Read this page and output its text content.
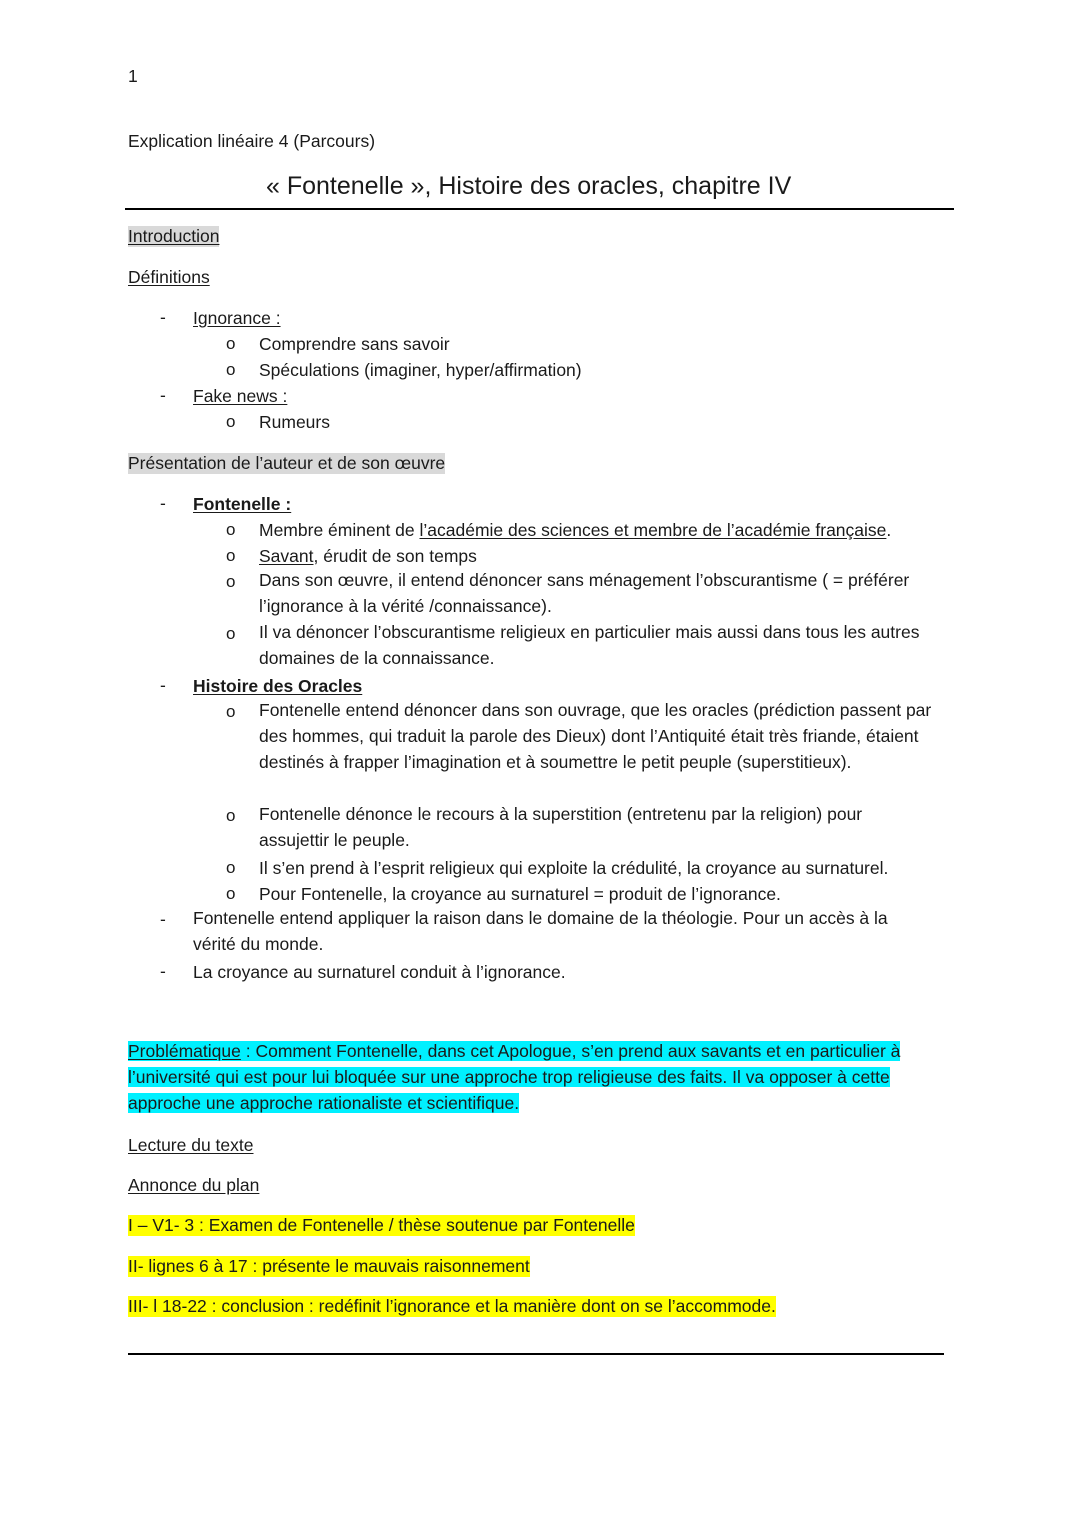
1
Explication linéaire 4 (Parcours)
« Fontenelle », Histoire des oracles, chapitre IV
Introduction
Définitions
- Ignorance :
o Comprendre sans savoir
o Spéculations (imaginer, hyper/affirmation)
- Fake news :
o Rumeurs
Présentation de l’auteur et de son œuvre
- Fontenelle :
o Membre éminent de l’académie des sciences et membre de l’académie française.
o Savant, érudit de son temps
o Dans son œuvre, il entend dénoncer sans ménagement l’obscurantisme ( = préférer l’ignorance à la vérité /connaissance).
o Il va dénoncer l’obscurantisme religieux en particulier mais aussi dans tous les autres domaines de la connaissance.
- Histoire des Oracles
o Fontenelle entend dénoncer dans son ouvrage, que les oracles (prédiction passent par des hommes, qui traduit la parole des Dieux) dont l’Antiquité était très friande, étaient destinés à frapper l’imagination et à soumettre le petit peuple (superstitieux).
o Fontenelle dénonce le recours à la superstition (entretenu par la religion) pour assujettir le peuple.
o Il s’en prend à l’esprit religieux qui exploite la crédulité, la croyance au surnaturel.
o Pour Fontenelle, la croyance au surnaturel = produit de l’ignorance.
- Fontenelle entend appliquer la raison dans le domaine de la théologie. Pour un accès à la vérité du monde.
- La croyance au surnaturel conduit à l’ignorance.
Problématique : Comment Fontenelle, dans cet Apologue, s’en prend aux savants et en particulier à l’université qui est pour lui bloquée sur une approche trop religieuse des faits. Il va opposer à cette approche une approche rationaliste et scientifique.
Lecture du texte
Annonce du plan
I – V1- 3 : Examen de Fontenelle / thèse soutenue par Fontenelle
II- lignes 6 à 17 : présente le mauvais raisonnement
III- l 18-22 : conclusion : redéfinit l’ignorance et la manière dont on se l’accommode.
